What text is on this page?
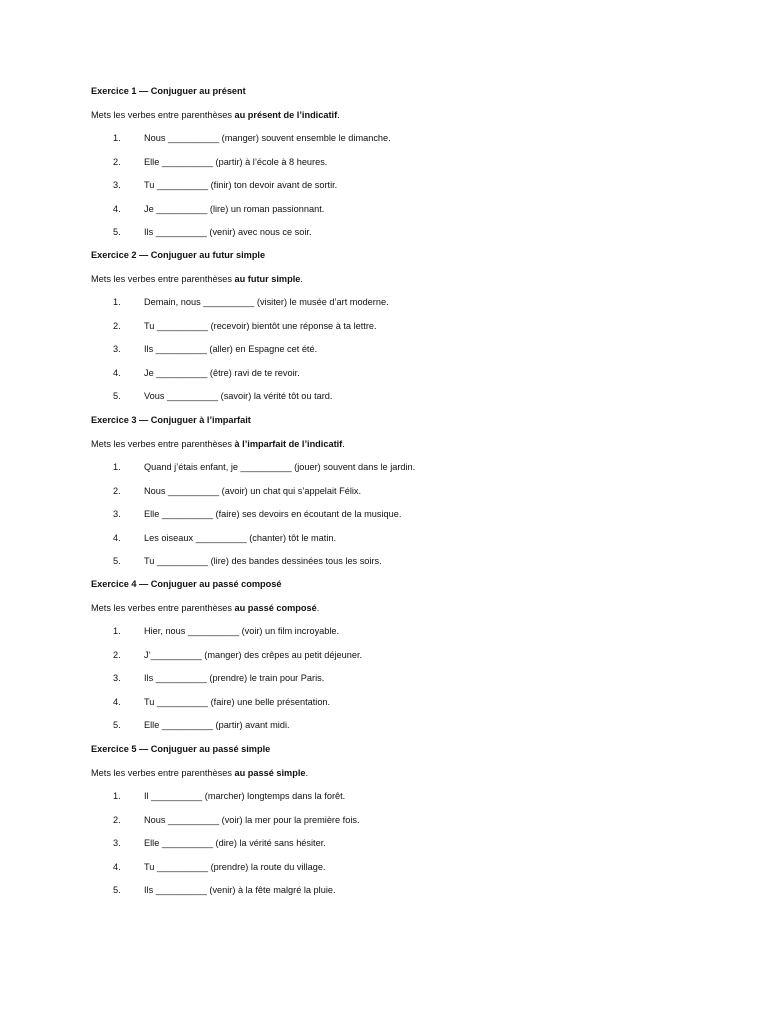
Exercice 1 — Conjuguer au présent
Mets les verbes entre parenthèses au présent de l’indicatif.
1.	Nous __________ (manger) souvent ensemble le dimanche.
2.	Elle __________ (partir) à l’école à 8 heures.
3.	Tu __________ (finir) ton devoir avant de sortir.
4.	Je __________ (lire) un roman passionnant.
5.	Ils __________ (venir) avec nous ce soir.
Exercice 2 — Conjuguer au futur simple
Mets les verbes entre parenthèses au futur simple.
1.	Demain, nous __________ (visiter) le musée d’art moderne.
2.	Tu __________ (recevoir) bientôt une réponse à ta lettre.
3.	Ils __________ (aller) en Espagne cet été.
4.	Je __________ (être) ravi de te revoir.
5.	Vous __________ (savoir) la vérité tôt ou tard.
Exercice 3 — Conjuguer à l’imparfait
Mets les verbes entre parenthèses à l’imparfait de l’indicatif.
1.	Quand j’étais enfant, je __________ (jouer) souvent dans le jardin.
2.	Nous __________ (avoir) un chat qui s’appelait Félix.
3.	Elle __________ (faire) ses devoirs en écoutant de la musique.
4.	Les oiseaux __________ (chanter) tôt le matin.
5.	Tu __________ (lire) des bandes dessinées tous les soirs.
Exercice 4 — Conjuguer au passé composé
Mets les verbes entre parenthèses au passé composé.
1.	Hier, nous __________ (voir) un film incroyable.
2.	J’__________ (manger) des crêpes au petit déjeuner.
3.	Ils __________ (prendre) le train pour Paris.
4.	Tu __________ (faire) une belle présentation.
5.	Elle __________ (partir) avant midi.
Exercice 5 — Conjuguer au passé simple
Mets les verbes entre parenthèses au passé simple.
1.	Il __________ (marcher) longtemps dans la forêt.
2.	Nous __________ (voir) la mer pour la première fois.
3.	Elle __________ (dire) la vérité sans hésiter.
4.	Tu __________ (prendre) la route du village.
5.	Ils __________ (venir) à la fête malgré la pluie.
